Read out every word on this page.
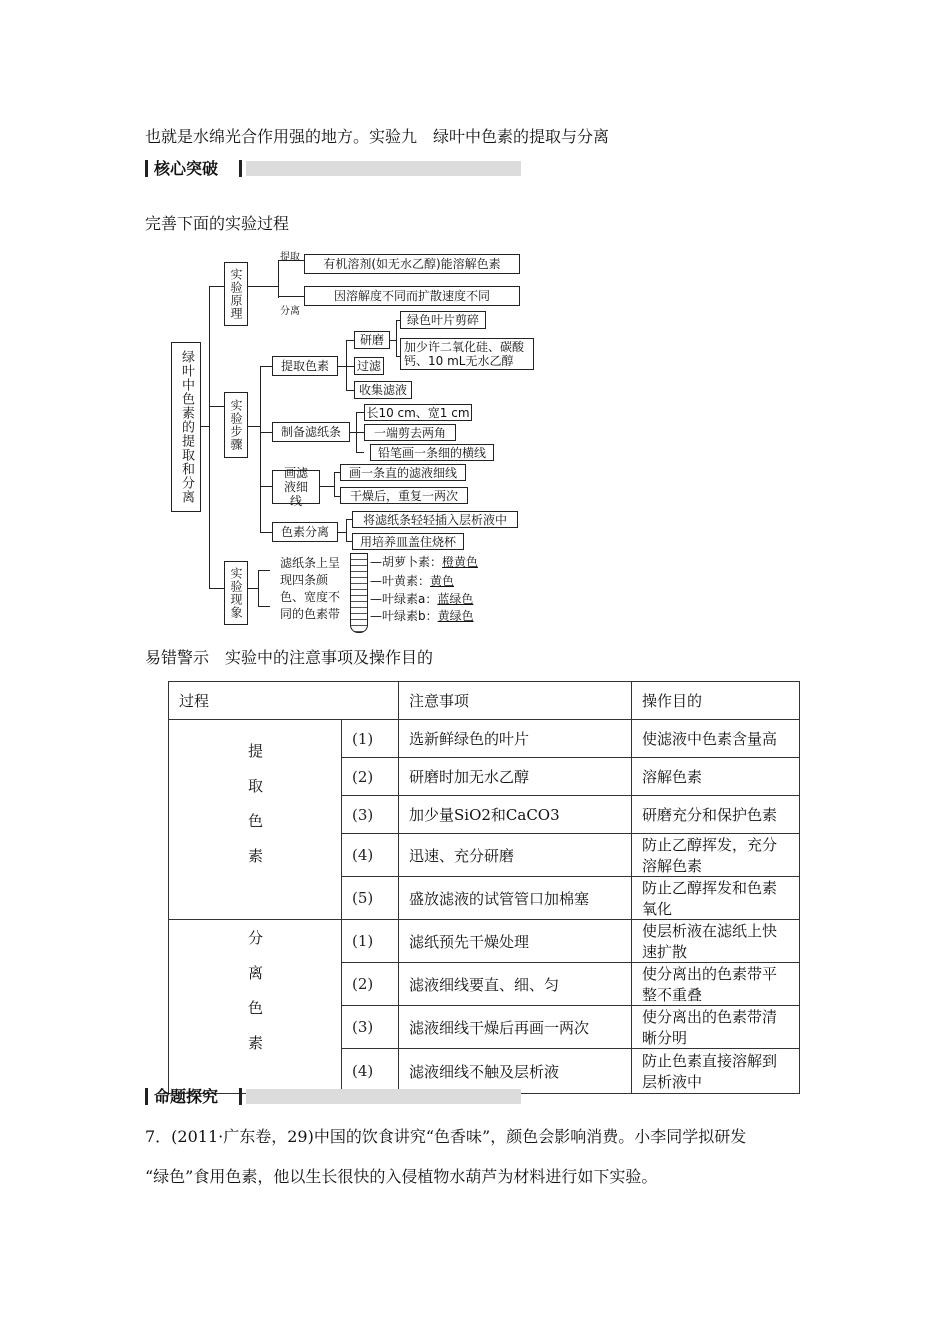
也就是水绵光合作用强的地方。实验九　绿叶中色素的提取与分离
核心突破
完善下面的实验过程
绿叶中色素的提取和分离
实验原理
提取
分离
有机溶剂(如无水乙醇)能溶解色素
因溶解度不同而扩散速度不同
实验步骤
提取色素
研磨
绿色叶片剪碎
加少许二氧化硅、碳酸钙、10 mL无水乙醇
过滤
收集滤液
制备滤纸条
长10 cm、宽1 cm
一端剪去两角
铅笔画一条细的横线
画滤液细线
画一条直的滤液细线
干燥后，重复一两次
色素分离
将滤纸条轻轻插入层析液中
用培养皿盖住烧杯
实验现象
滤纸条上呈现四条颜色、宽度不同的色素带
—胡萝卜素：橙黄色
—叶黄素：黄色
—叶绿素a：蓝绿色
—叶绿素b：黄绿色
易错警示　实验中的注意事项及操作目的
过程		注意事项	操作目的
提取色素	(1)	选新鲜绿色的叶片	使滤液中色素含量高
	(2)	研磨时加无水乙醇	溶解色素
	(3)	加少量SiO2和CaCO3	研磨充分和保护色素
	(4)	迅速、充分研磨	防止乙醇挥发，充分溶解色素
	(5)	盛放滤液的试管管口加棉塞	防止乙醇挥发和色素氧化
分离色素	(1)	滤纸预先干燥处理	使层析液在滤纸上快速扩散
	(2)	滤液细线要直、细、匀	使分离出的色素带平整不重叠
	(3)	滤液细线干燥后再画一两次	使分离出的色素带清晰分明
	(4)	滤液细线不触及层析液	防止色素直接溶解到层析液中
命题探究
7．(2011·广东卷，29)中国的饮食讲究“色香味”，颜色会影响消费。小李同学拟研发
“绿色”食用色素，他以生长很快的入侵植物水葫芦为材料进行如下实验。
